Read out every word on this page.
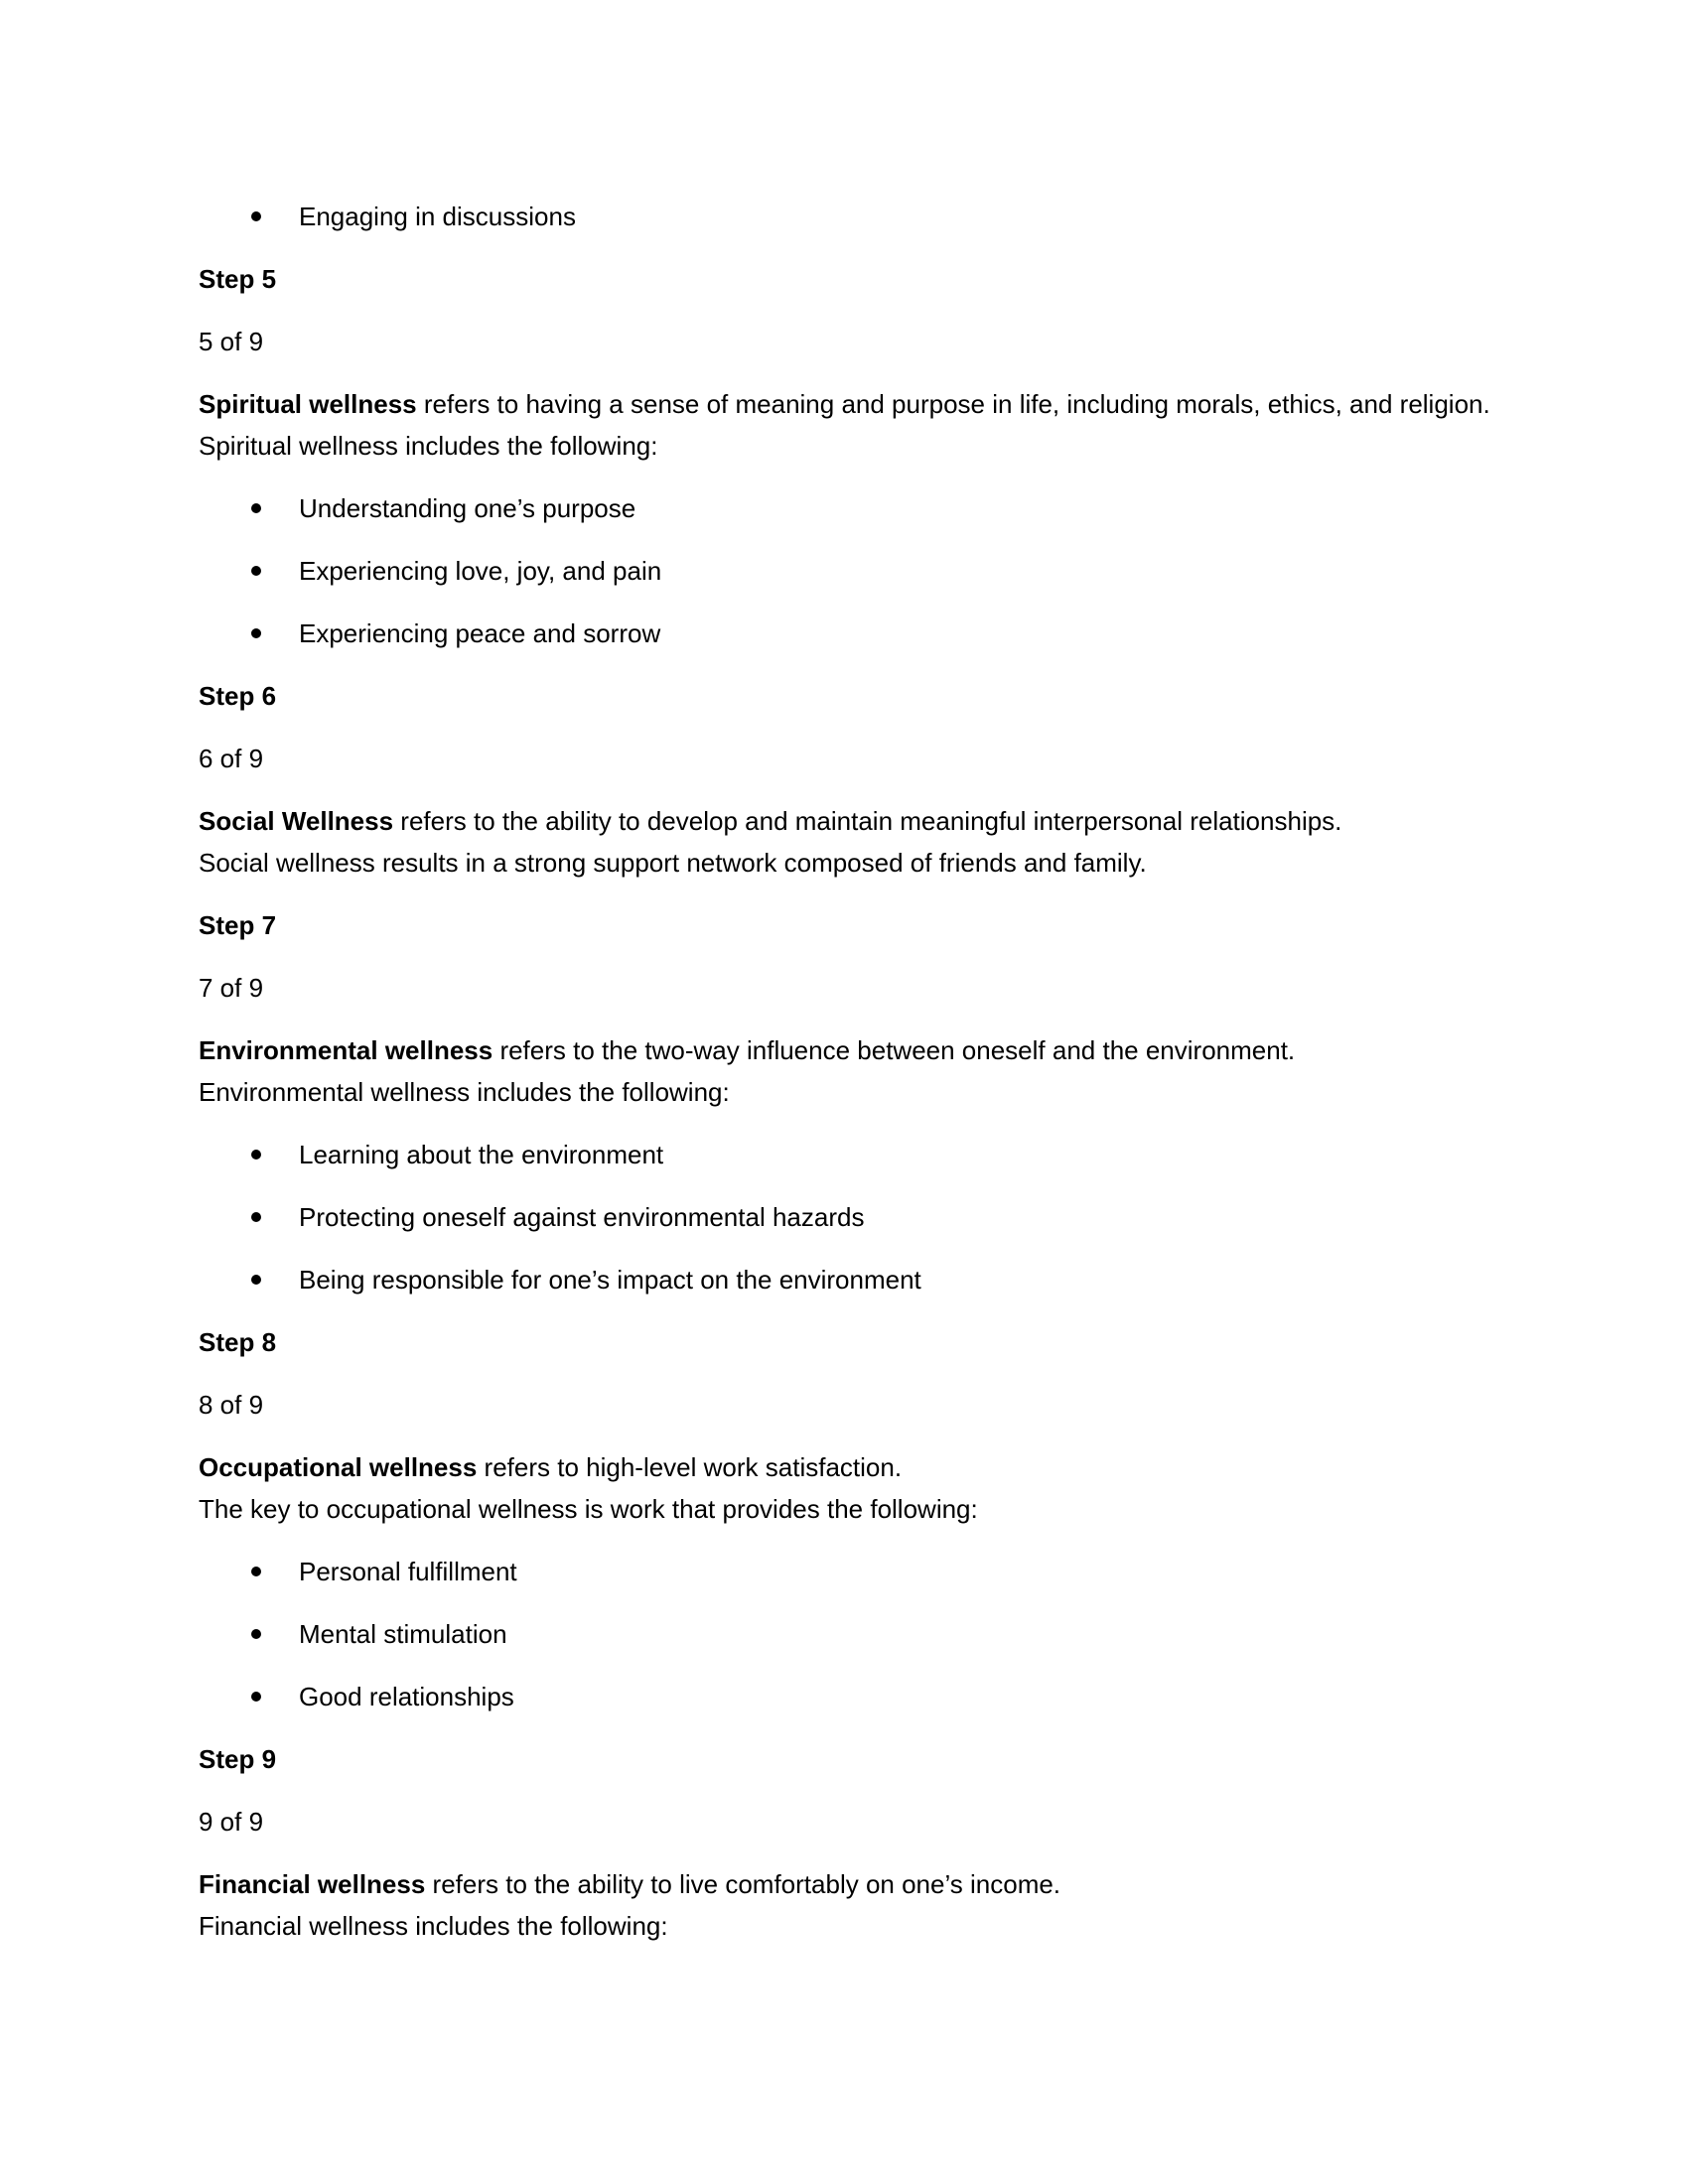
Engaging in discussions

Step 5

5 of 9

Spiritual wellness refers to having a sense of meaning and purpose in life, including morals, ethics, and religion.
Spiritual wellness includes the following:

Understanding one’s purpose
Experiencing love, joy, and pain
Experiencing peace and sorrow

Step 6

6 of 9

Social Wellness refers to the ability to develop and maintain meaningful interpersonal relationships.
Social wellness results in a strong support network composed of friends and family.

Step 7

7 of 9

Environmental wellness refers to the two-way influence between oneself and the environment.
Environmental wellness includes the following:

Learning about the environment
Protecting oneself against environmental hazards
Being responsible for one’s impact on the environment

Step 8

8 of 9

Occupational wellness refers to high-level work satisfaction.
The key to occupational wellness is work that provides the following:

Personal fulfillment
Mental stimulation
Good relationships

Step 9

9 of 9

Financial wellness refers to the ability to live comfortably on one’s income.
Financial wellness includes the following:
